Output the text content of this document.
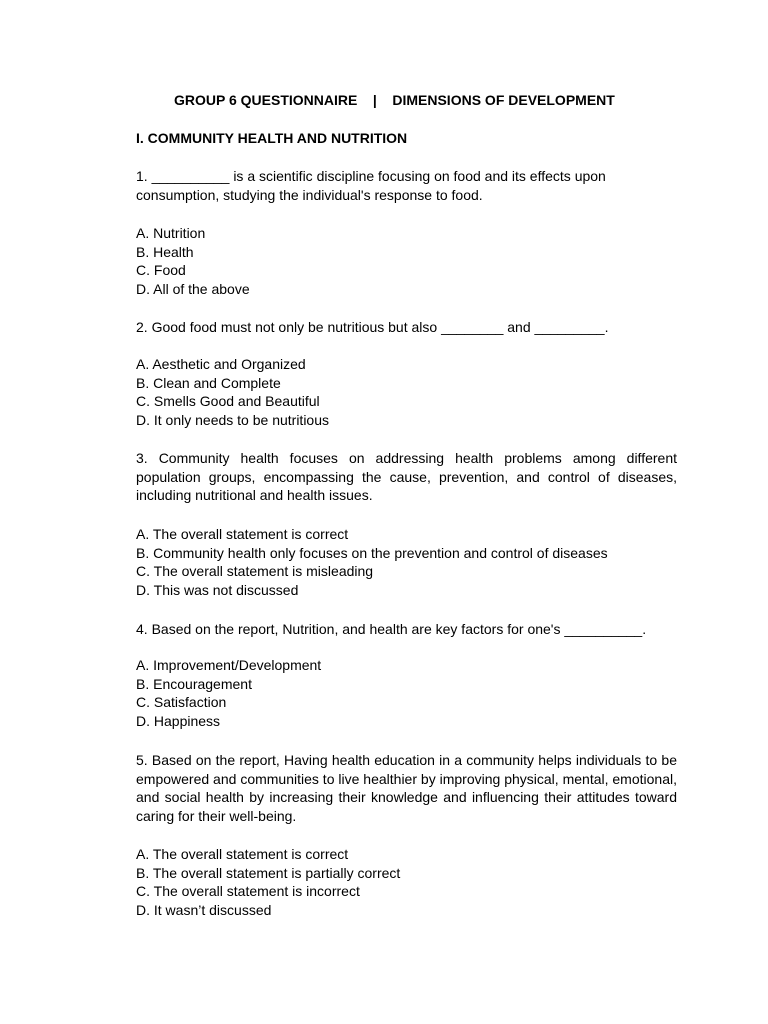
GROUP 6 QUESTIONNAIRE    |    DIMENSIONS OF DEVELOPMENT
I. COMMUNITY HEALTH AND NUTRITION
1. __________ is a scientific discipline focusing on food and its effects upon consumption, studying the individual's response to food.
A. Nutrition
B. Health
C. Food
D. All of the above
2. Good food must not only be nutritious but also ________ and _________.
A. Aesthetic and Organized
B. Clean and Complete
C. Smells Good and Beautiful
D. It only needs to be nutritious
3. Community health focuses on addressing health problems among different population groups, encompassing the cause, prevention, and control of diseases, including nutritional and health issues.
A. The overall statement is correct
B. Community health only focuses on the prevention and control of diseases
C. The overall statement is misleading
D. This was not discussed
4. Based on the report, Nutrition, and health are key factors for one's __________.
A. Improvement/Development
B. Encouragement
C. Satisfaction
D. Happiness
5. Based on the report, Having health education in a community helps individuals to be empowered and communities to live healthier by improving physical, mental, emotional, and social health by increasing their knowledge and influencing their attitudes toward caring for their well-being.
A. The overall statement is correct
B. The overall statement is partially correct
C. The overall statement is incorrect
D. It wasn’t discussed
